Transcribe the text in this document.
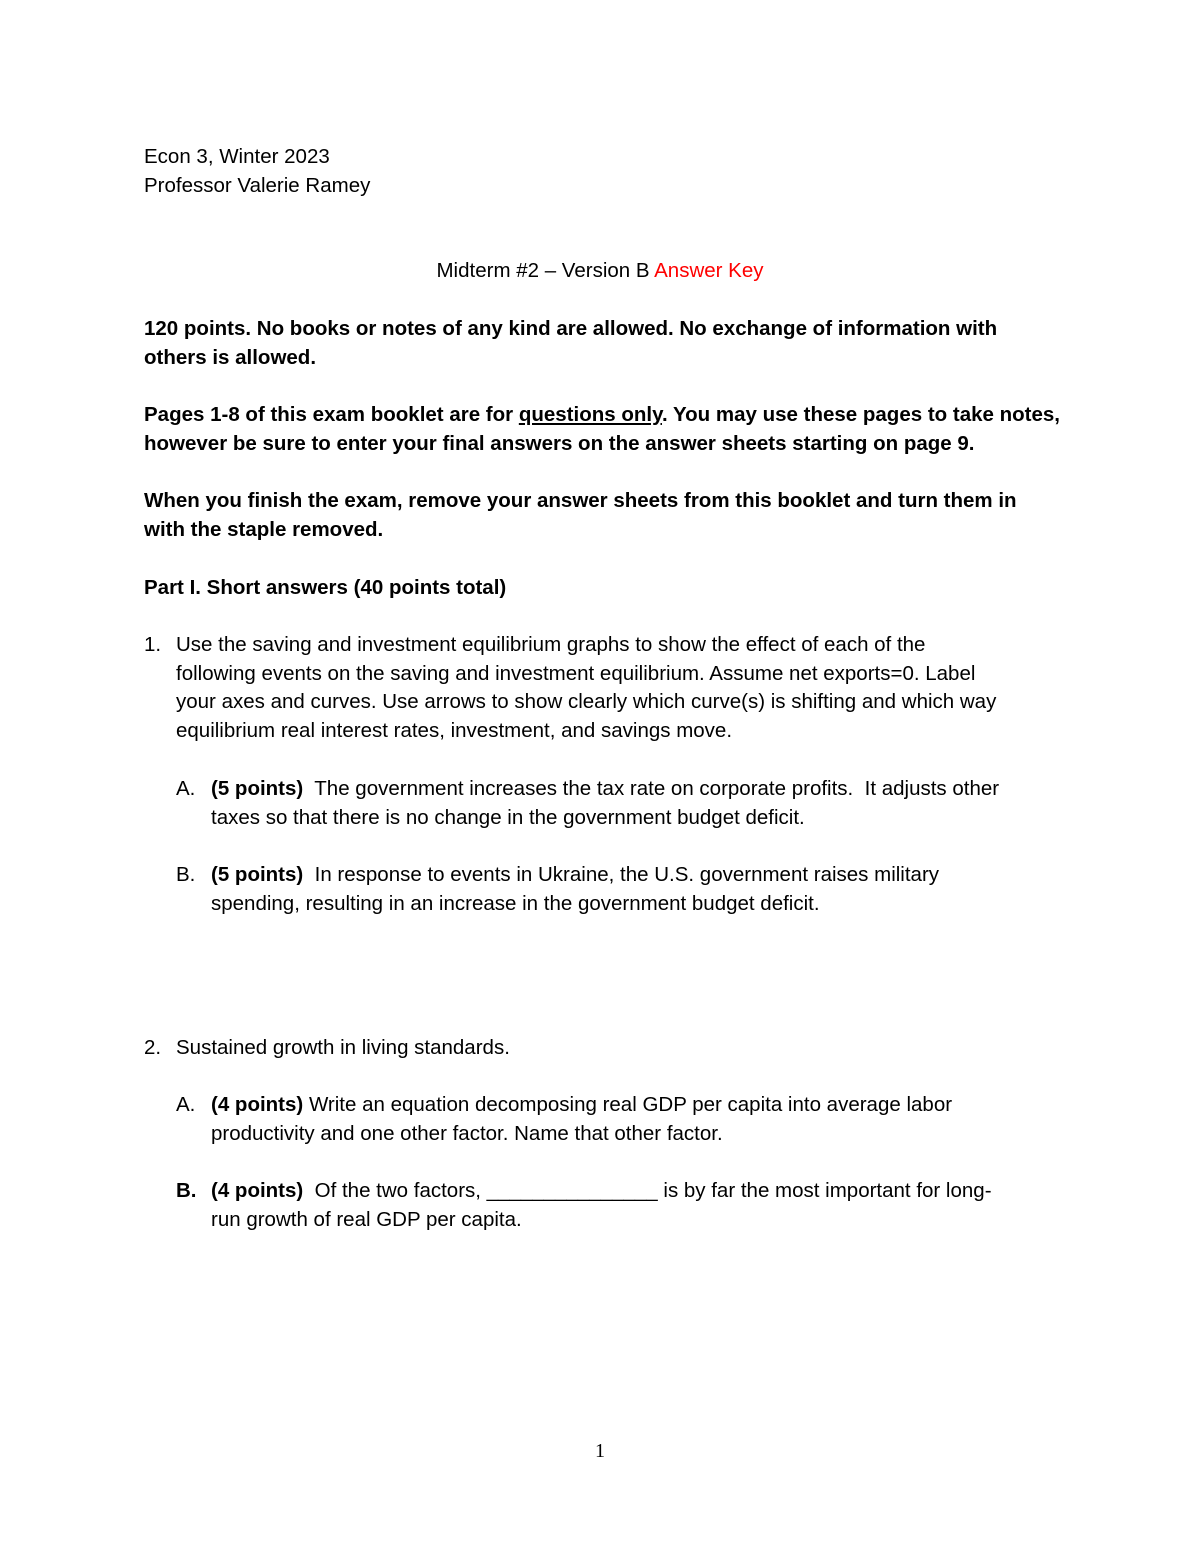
Econ 3, Winter 2023
Professor Valerie Ramey
Midterm #2 – Version B Answer Key
120 points. No books or notes of any kind are allowed. No exchange of information with
others is allowed.
Pages 1-8 of this exam booklet are for questions only. You may use these pages to take notes,
however be sure to enter your final answers on the answer sheets starting on page 9.
When you finish the exam, remove your answer sheets from this booklet and turn them in
with the staple removed.
Part I. Short answers (40 points total)
1. Use the saving and investment equilibrium graphs to show the effect of each of the
following events on the saving and investment equilibrium. Assume net exports=0. Label
your axes and curves. Use arrows to show clearly which curve(s) is shifting and which way
equilibrium real interest rates, investment, and savings move.
A. (5 points)  The government increases the tax rate on corporate profits.  It adjusts other
taxes so that there is no change in the government budget deficit.
B. (5 points)  In response to events in Ukraine, the U.S. government raises military
spending, resulting in an increase in the government budget deficit.
2. Sustained growth in living standards.
A. (4 points) Write an equation decomposing real GDP per capita into average labor
productivity and one other factor. Name that other factor.
B. (4 points)  Of the two factors, _______________ is by far the most important for long-
run growth of real GDP per capita.
1
